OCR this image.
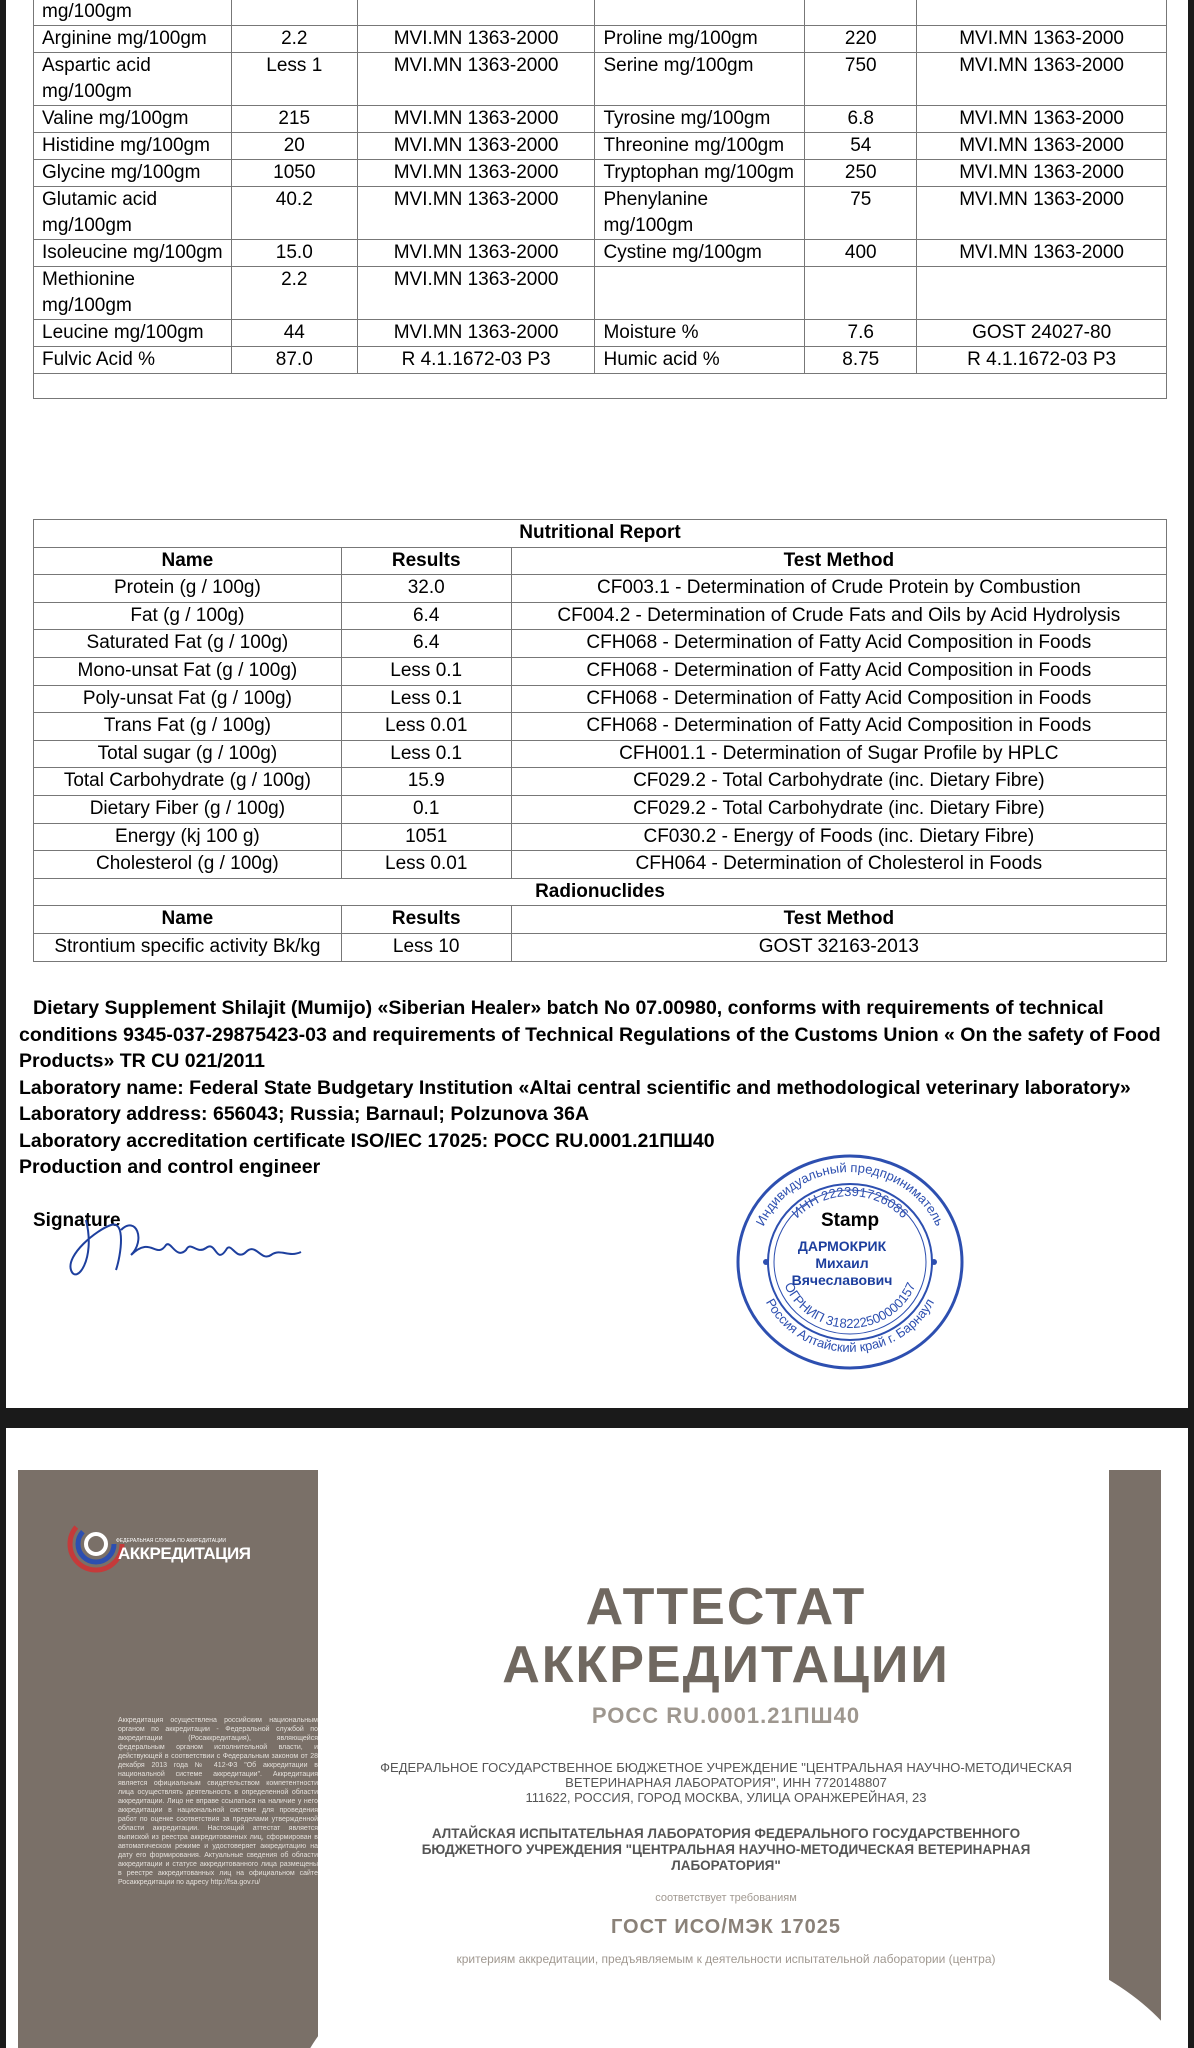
mg/100gm					
Arginine mg/100gm	2.2	MVI.MN 1363-2000	Proline mg/100gm	220	MVI.MN 1363-2000
Aspartic acid mg/100gm	Less 1	MVI.MN 1363-2000	Serine mg/100gm	750	MVI.MN 1363-2000
Valine mg/100gm	215	MVI.MN 1363-2000	Tyrosine mg/100gm	6.8	MVI.MN 1363-2000
Histidine mg/100gm	20	MVI.MN 1363-2000	Threonine mg/100gm	54	MVI.MN 1363-2000
Glycine mg/100gm	1050	MVI.MN 1363-2000	Tryptophan mg/100gm	250	MVI.MN 1363-2000
Glutamic acid mg/100gm	40.2	MVI.MN 1363-2000	Phenylanine mg/100gm	75	MVI.MN 1363-2000
Isoleucine mg/100gm	15.0	MVI.MN 1363-2000	Cystine mg/100gm	400	MVI.MN 1363-2000
Methionine mg/100gm	2.2	MVI.MN 1363-2000			
Leucine mg/100gm	44	MVI.MN 1363-2000	Moisture %	7.6	GOST 24027-80
Fulvic Acid %	87.0	R 4.1.1672-03 P3	Humic acid %	8.75	R 4.1.1672-03 P3

Nutritional Report		
Name	Results	Test Method
Protein (g / 100g)	32.0	CF003.1 - Determination of Crude Protein by Combustion
Fat (g / 100g)	6.4	CF004.2 - Determination of Crude Fats and Oils by Acid Hydrolysis
Saturated Fat (g / 100g)	6.4	CFH068 - Determination of Fatty Acid Composition in Foods
Mono-unsat Fat (g / 100g)	Less 0.1	CFH068 - Determination of Fatty Acid Composition in Foods
Poly-unsat Fat (g / 100g)	Less 0.1	CFH068 - Determination of Fatty Acid Composition in Foods
Trans Fat (g / 100g)	Less 0.01	CFH068 - Determination of Fatty Acid Composition in Foods
Total sugar (g / 100g)	Less 0.1	CFH001.1 - Determination of Sugar Profile by HPLC
Total Carbohydrate (g / 100g)	15.9	CF029.2 - Total Carbohydrate (inc. Dietary Fibre)
Dietary Fiber (g / 100g)	0.1	CF029.2 - Total Carbohydrate (inc. Dietary Fibre)
Energy (kj 100 g)	1051	CF030.2 - Energy of Foods (inc. Dietary Fibre)
Cholesterol (g / 100g)	Less 0.01	CFH064 - Determination of Cholesterol in Foods
Radionuclides		
Name	Results	Test Method
Strontium specific activity Bk/kg	Less 10	GOST 32163-2013

Dietary Supplement Shilajit (Mumijo) «Siberian Healer» batch No 07.00980, conforms with requirements of technical conditions 9345-037-29875423-03 and requirements of Technical Regulations of the Customs Union « On the safety of Food Products» TR CU 021/2011

Laboratory name: Federal State Budgetary Institution «Altai central scientific and methodological veterinary laboratory»

Laboratory address: 656043; Russia; Barnaul; Polzunova 36A

Laboratory accreditation certificate ISO/IEC 17025: РОСС RU.0001.21ПШ40

Production and control engineer

Signature	Индивидуальный предприниматель
Россия Алтайский край г. Барнаул
ИНН 222391726086
ОГРНИП 318222500000157
Stamp
ДАРМОКРИК Михаил Вячеславович
ФЕДЕРАЛЬНАЯ СЛУЖБА ПО АККРЕДИТАЦИИ
АККРЕДИТАЦИЯ
Аккредитация осуществлена российским национальным органом по аккредитации - Федеральной службой по аккредитации (Росаккредитация), являющейся федеральным органом исполнительной власти, и действующей в соответствии с Федеральным законом от 28 декабря 2013 года № 412-ФЗ "Об аккредитации в национальной системе аккредитации". Аккредитация является официальным свидетельством компетентности лица осуществлять деятельность в определенной области аккредитации. Лицо не вправе ссылаться на наличие у него аккредитации в национальной системе для проведения работ по оценке соответствия за пределами утвержденной области аккредитации. Настоящий аттестат является выпиской из реестра аккредитованных лиц, сформирован в автоматическом режиме и удостоверяет аккредитацию на дату его формирования. Актуальные сведения об области аккредитации и статусе аккредитованного лица размещены в реестре аккредитованных лиц на официальном сайте Росаккредитации по адресу http://fsa.gov.ru/
АТТЕСТАТ
АККРЕДИТАЦИИ
РОСС RU.0001.21ПШ40
ФЕДЕРАЛЬНОЕ ГОСУДАРСТВЕННОЕ БЮДЖЕТНОЕ УЧРЕЖДЕНИЕ "ЦЕНТРАЛЬНАЯ НАУЧНО-МЕТОДИЧЕСКАЯ ВЕТЕРИНАРНАЯ ЛАБОРАТОРИЯ", ИНН 7720148807
111622, РОССИЯ, ГОРОД МОСКВА, УЛИЦА ОРАНЖЕРЕЙНАЯ, 23
АЛТАЙСКАЯ ИСПЫТАТЕЛЬНАЯ ЛАБОРАТОРИЯ ФЕДЕРАЛЬНОГО ГОСУДАРСТВЕННОГО БЮДЖЕТНОГО УЧРЕЖДЕНИЯ "ЦЕНТРАЛЬНАЯ НАУЧНО-МЕТОДИЧЕСКАЯ ВЕТЕРИНАРНАЯ ЛАБОРАТОРИЯ"
соответствует требованиям
ГОСТ ИСО/МЭК 17025
критериям аккредитации, предъявляемым к деятельности испытательной лаборатории (центра)
